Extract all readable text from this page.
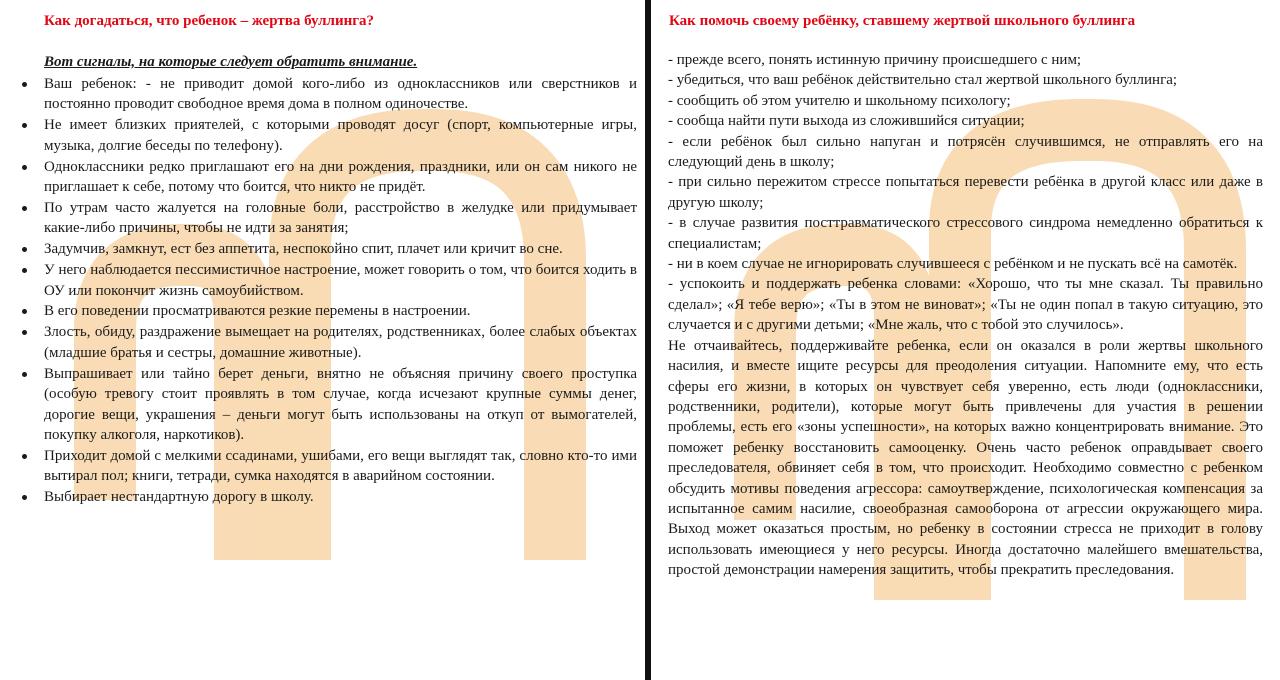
Как догадаться, что ребенок – жертва буллинга?
Вот сигналы, на которые следует обратить внимание.
Ваш ребенок: - не приводит домой кого-либо из одноклассников или сверстников и постоянно проводит свободное время дома в полном одиночестве.
Не имеет близких приятелей, с которыми проводят досуг (спорт, компьютерные игры, музыка, долгие беседы по телефону).
Одноклассники редко приглашают его на дни рождения, праздники, или он сам никого не приглашает к себе, потому что боится, что никто не придёт.
По утрам часто жалуется на головные боли, расстройство в желудке или придумывает какие-либо причины, чтобы не идти за занятия;
Задумчив, замкнут, ест без аппетита, неспокойно спит, плачет или кричит во сне.
У него наблюдается пессимистичное настроение, может говорить о том, что боится ходить в ОУ или покончит жизнь самоубийством.
В его поведении просматриваются резкие перемены в настроении.
Злость, обиду, раздражение вымещает на родителях, родственниках, более слабых объектах (младшие братья и сестры, домашние животные).
Выпрашивает или тайно берет деньги, внятно не объясняя причину своего проступка (особую тревогу стоит проявлять в том случае, когда исчезают крупные суммы денег, дорогие вещи, украшения – деньги могут быть использованы на откуп от вымогателей, покупку алкоголя, наркотиков).
Приходит домой с мелкими ссадинами, ушибами, его вещи выглядят так, словно кто-то ими вытирал пол; книги, тетради, сумка находятся в аварийном состоянии.
Выбирает нестандартную дорогу в школу.
Как помочь своему ребёнку, ставшему жертвой школьного буллинга

- прежде всего, понять истинную причину происшедшего с ним;

- убедиться, что ваш ребёнок действительно стал жертвой школьного буллинга;

- сообщить об этом учителю и школьному психологу;

- сообща найти пути выхода из сложившийся ситуации;

- если ребёнок был сильно напуган и потрясён случившимся, не отправлять его на следующий день в школу;

- при сильно пережитом стрессе попытаться перевести ребёнка в другой класс или даже в другую школу;

- в случае развития посттравматического стрессового синдрома немедленно обратиться к специалистам;

- ни в коем случае не игнорировать случившееся с ребёнком и не пускать всё на самотёк.

- успокоить и поддержать ребенка словами: «Хорошо, что ты мне сказал. Ты правильно сделал»; «Я тебе верю»; «Ты в этом не виноват»; «Ты не один попал в такую ситуацию, это случается и с другими детьми; «Мне жаль, что с тобой это случилось».

Не отчаивайтесь, поддерживайте ребенка, если он оказался в роли жертвы школьного насилия, и вместе ищите ресурсы для преодоления ситуации. Напомните ему, что есть сферы его жизни, в которых он чувствует себя уверенно, есть люди (одноклассники, родственники, родители), которые могут быть привлечены для участия в решении проблемы, есть его «зоны успешности», на которых важно концентрировать внимание. Это поможет ребенку восстановить самооценку. Очень часто ребенок оправдывает своего преследователя, обвиняет себя в том, что происходит. Необходимо совместно с ребенком обсудить мотивы поведения агрессора: самоутверждение, психологическая компенсация за испытанное самим насилие, своеобразная самооборона от агрессии окружающего мира. Выход может оказаться простым, но ребенку в состоянии стресса не приходит в голову использовать имеющиеся у него ресурсы. Иногда достаточно малейшего вмешательства, простой демонстрации намерения защитить, чтобы прекратить преследования.
